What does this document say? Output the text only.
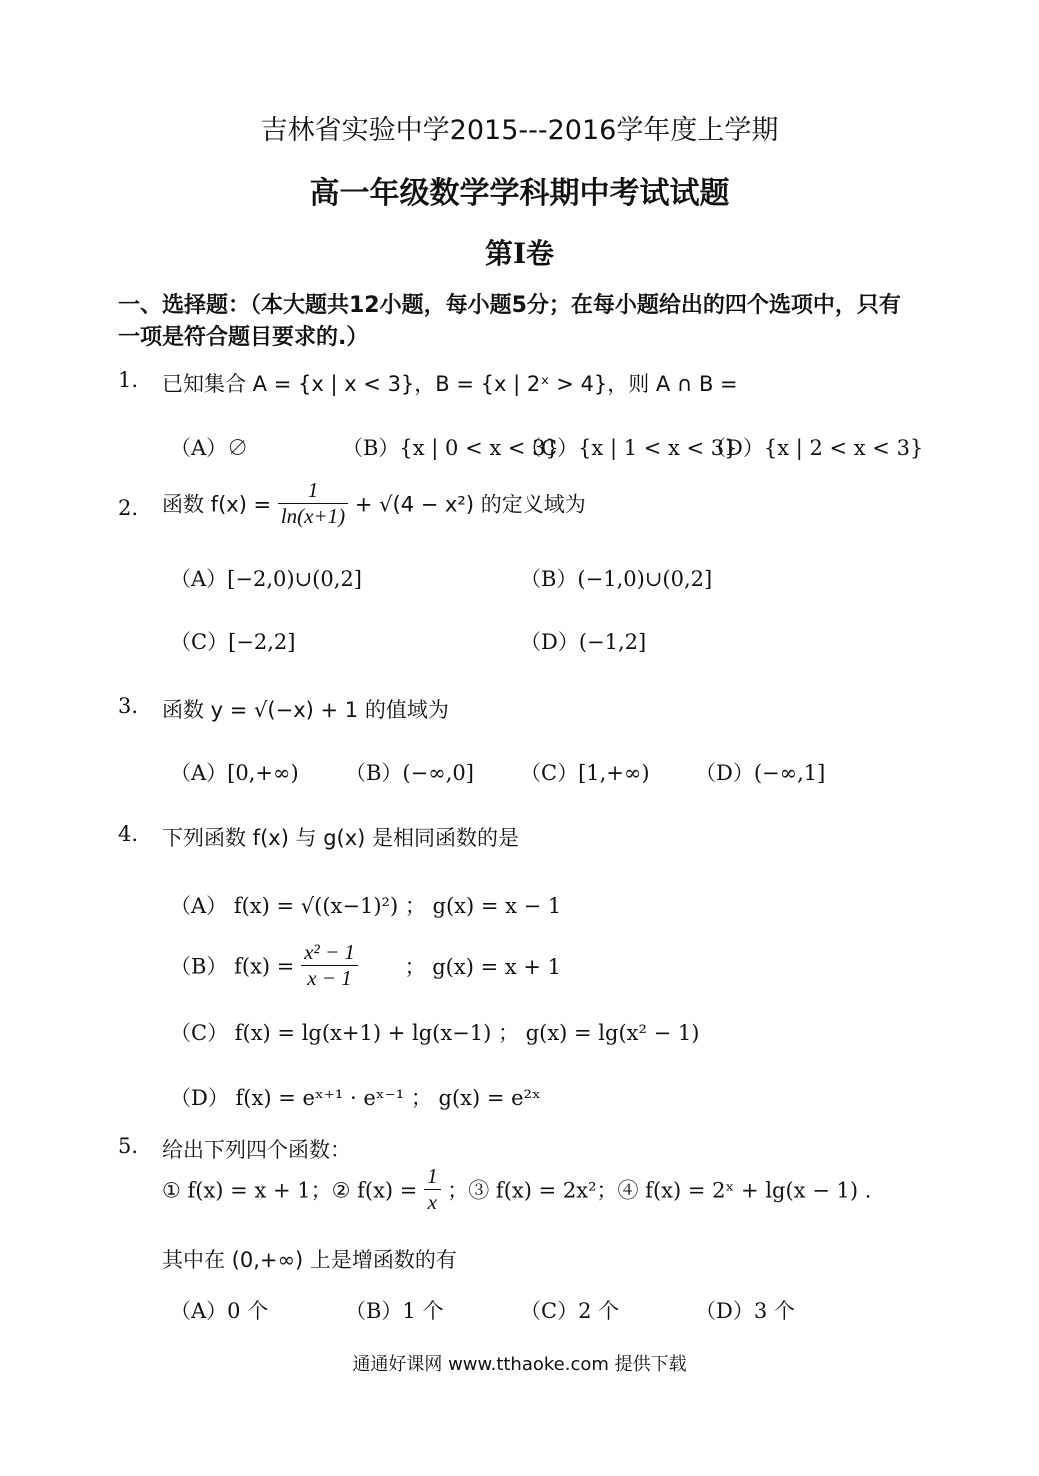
吉林省实验中学2015---2016学年度上学期
高一年级数学学科期中考试试题
第I卷
一、选择题：（本大题共12小题，每小题5分；在每小题给出的四个选项中，只有
一项是符合题目要求的.）
1. 已知集合 A = {x | x < 3}，B = {x | 2ˣ > 4}，则 A ∩ B =
（A）∅	（B）{x | 0 < x < 3}
（C）{x | 1 < x < 3}
（D）{x | 2 < x < 3}
2. 函数 $f(x) = \frac{1}{\ln(x+1)} + √(4 - x^2)$ 的定义域为
（A）[−2,0)∪(0,2]	（B）(−1,0)∪(0,2]
（C）[−2,2]	（D）(−1,2]
3. 函数 y = √(−x) + 1 的值域为
（A）[0,+∞) （B）(−∞,0] （C）[1,+∞) （D）(−∞,1]
4. 下列函数 f(x) 与 g(x) 是相同函数的是
（A） f(x) = √((x−1)²) ； g(x) = x − 1
（B） $f(x) = \frac{\text{x² − 1}}{x - 1}$ ； g(x) = x + 1
（C） f(x) = lg(x+1) + lg(x−1) ； g(x) = lg(x² − 1)
（D） f(x) = eˣ⁺¹ · eˣ⁻¹ ； g(x) = e²ˣ
5. 给出下列四个函数：
① f(x) = x + 1；② $f(x) = \frac{1}{x}$ ；③ f(x) = 2x²；④ f(x) = 2ˣ + lg(x − 1) .
其中在 (0,+∞) 上是增函数的有
（A）0 个	（B）1 个	（C）2 个	（D）3 个
通通好课网 www.tthaoke.com 提供下载
